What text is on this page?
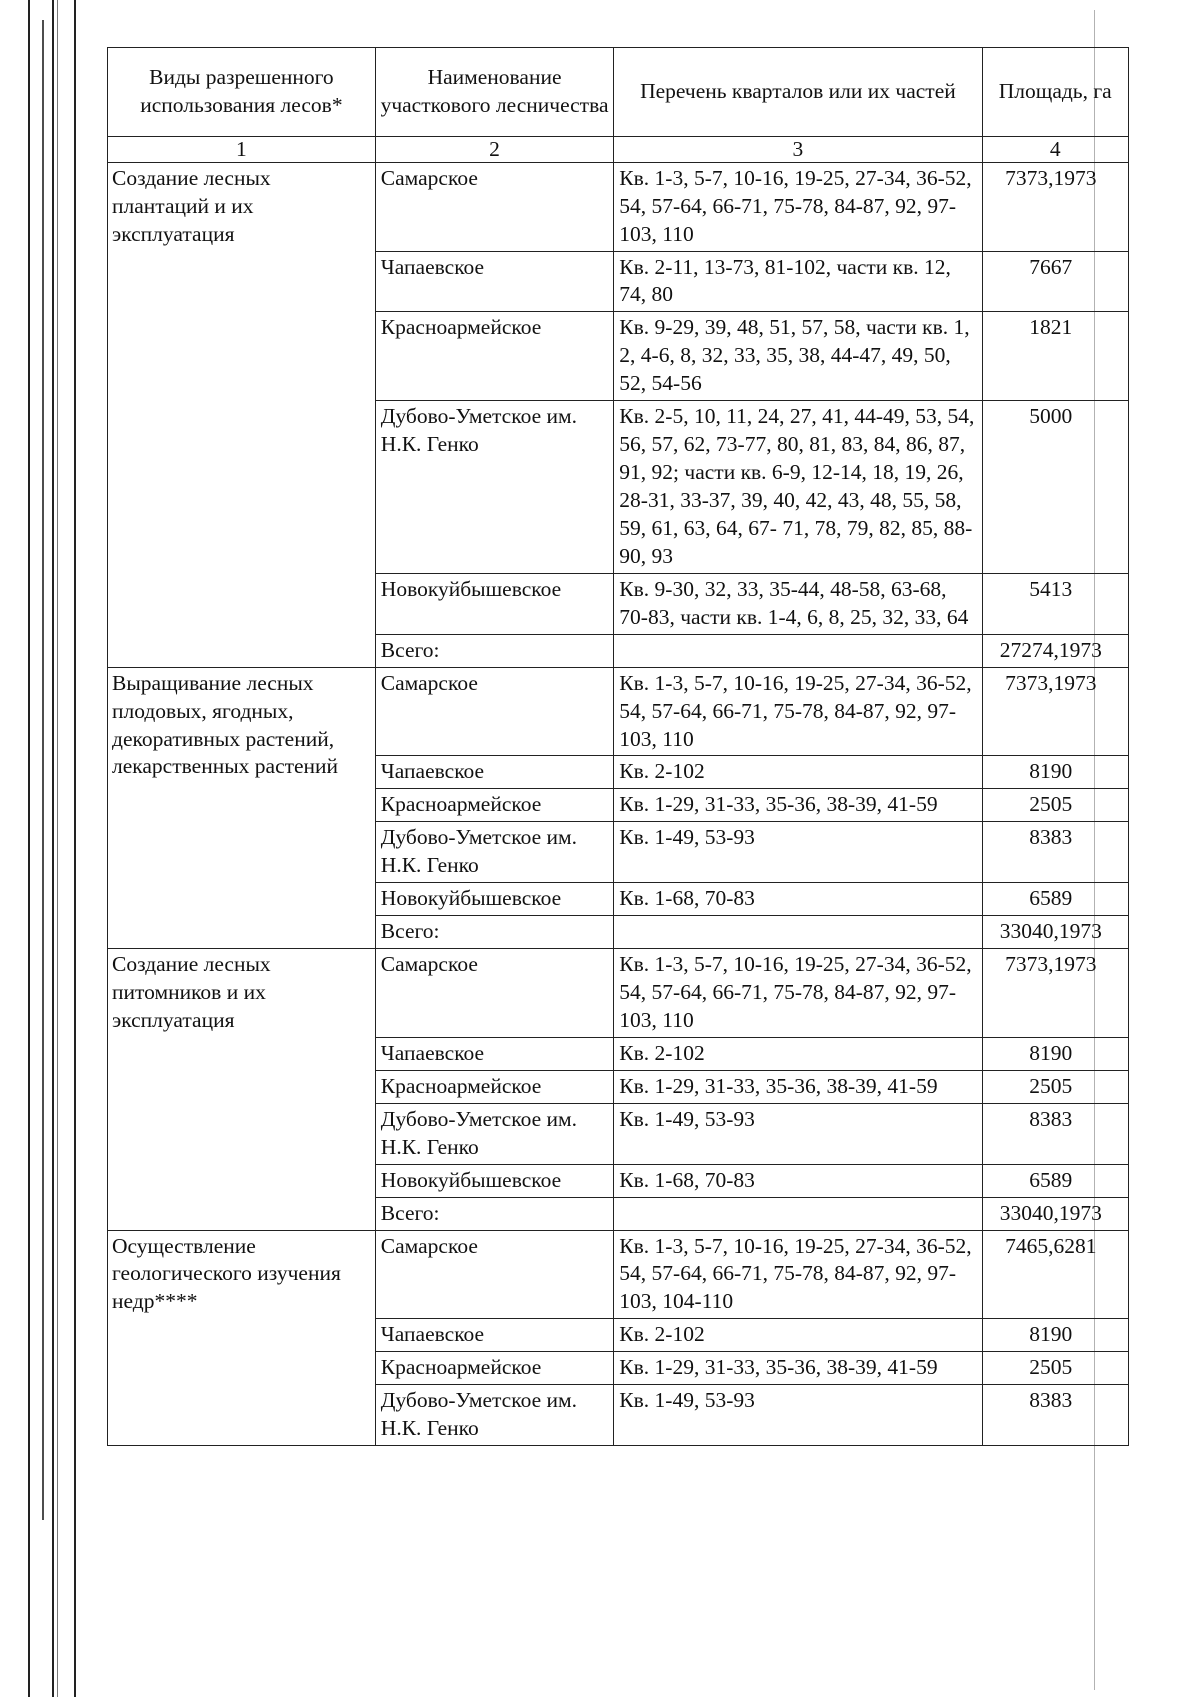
Виды разрешенного использования лесов*	Наименование участкового лесничества	Перечень кварталов или их частей	Площадь, га
1	2	3	4
Создание лесных плантаций и их эксплуатация	Самарское	Кв. 1-3, 5-7, 10-16, 19-25, 27-34, 36-52, 54, 57-64, 66-71, 75-78, 84-87, 92, 97-103, 110	7373,1973
	Чапаевское	Кв. 2-11, 13-73, 81-102, части кв. 12, 74, 80	7667
	Красноармейское	Кв. 9-29, 39, 48, 51, 57, 58, части кв. 1, 2, 4-6, 8, 32, 33, 35, 38, 44-47, 49, 50, 52, 54-56	1821
	Дубово-Уметское им. Н.К. Генко	Кв. 2-5, 10, 11, 24, 27, 41, 44-49, 53, 54, 56, 57, 62, 73-77, 80, 81, 83, 84, 86, 87, 91, 92; части кв. 6-9, 12-14, 18, 19, 26, 28-31, 33-37, 39, 40, 42, 43, 48, 55, 58, 59, 61, 63, 64, 67- 71, 78, 79, 82, 85, 88-90, 93	5000
	Новокуйбышевское	Кв. 9-30, 32, 33, 35-44, 48-58, 63-68, 70-83, части кв. 1-4, 6, 8, 25, 32, 33, 64	5413
	Всего:		27274,1973
Выращивание лесных плодовых, ягодных, декоративных растений, лекарственных растений	Самарское	Кв. 1-3, 5-7, 10-16, 19-25, 27-34, 36-52, 54, 57-64, 66-71, 75-78, 84-87, 92, 97-103, 110	7373,1973
	Чапаевское	Кв. 2-102	8190
	Красноармейское	Кв. 1-29, 31-33, 35-36, 38-39, 41-59	2505
	Дубово-Уметское им. Н.К. Генко	Кв. 1-49, 53-93	8383
	Новокуйбышевское	Кв. 1-68, 70-83	6589
	Всего:		33040,1973
Создание лесных питомников и их эксплуатация	Самарское	Кв. 1-3, 5-7, 10-16, 19-25, 27-34, 36-52, 54, 57-64, 66-71, 75-78, 84-87, 92, 97-103, 110	7373,1973
	Чапаевское	Кв. 2-102	8190
	Красноармейское	Кв. 1-29, 31-33, 35-36, 38-39, 41-59	2505
	Дубово-Уметское им. Н.К. Генко	Кв. 1-49, 53-93	8383
	Новокуйбышевское	Кв. 1-68, 70-83	6589
	Всего:		33040,1973
Осуществление геологического изучения недр****	Самарское	Кв. 1-3, 5-7, 10-16, 19-25, 27-34, 36-52, 54, 57-64, 66-71, 75-78, 84-87, 92, 97-103, 104-110	7465,6281
	Чапаевское	Кв. 2-102	8190
	Красноармейское	Кв. 1-29, 31-33, 35-36, 38-39, 41-59	2505
	Дубово-Уметское им. Н.К. Генко	Кв. 1-49, 53-93	8383
